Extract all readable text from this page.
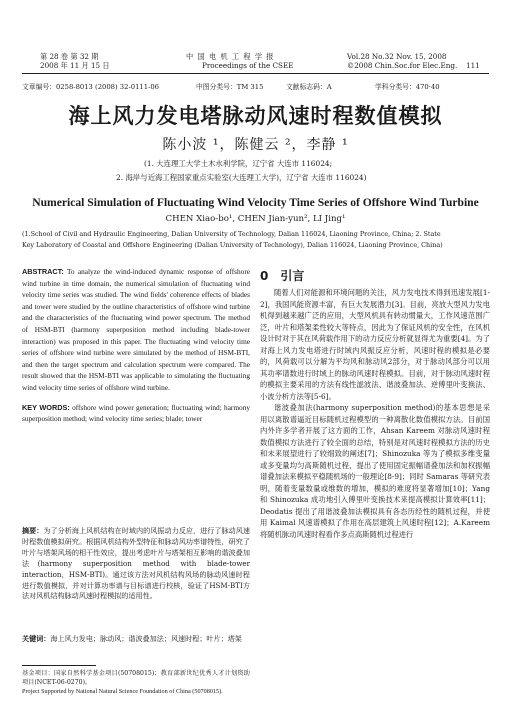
第 28 卷 第 32 期
2008 年 11 月 15 日
中 国 电 机 工 程 学 报
Proceedings of the CSEE
Vol.28 No.32 Nov. 15, 2008
©2008 Chin.Soc.for Elec.Eng. 111
文章编号：0258-8013 (2008) 32-0111-06	中图分类号：TM 315	文献标志码：A	学科分类号：470·40
海上风力发电塔脉动风速时程数值模拟
陈小波 ¹，陈健云 ²，李静 ¹
(1. 大连理工大学土木水利学院，辽宁省 大连市 116024;
2. 海岸与近海工程国家重点实验室(大连理工大学)，辽宁省 大连市 116024)
Numerical Simulation of Fluctuating Wind Velocity Time Series of Offshore Wind Turbine
CHEN Xiao-bo¹, CHEN Jian-yun², LI Jing¹
(1.School of Civil and Hydraulic Engineering, Dalian University of Technology, Dalian 116024, Liaoning Province, China; 2. State
Key Laboratory of Coastal and Offshore Engineering (Dalian University of Technology), Dalian 116024, Liaoning Province, China)

ABSTRACT: To analyze the wind-induced dynamic response of offshore wind turbine in time domain, the numerical simulation of fluctuating wind velocity time series was studied. The wind fields' coherence effects of blades and tower were studied by the outline characteristics of offshore wind turbine and the characteristics of the fluctuating wind power spectrum. The method of HSM-BTI (harmony superposition method including blade-tower interaction) was proposed in this paper. The fluctuating wind velocity time series of offshore wind turbine were simulated by the method of HSM-BTI, and then the target spectrum and calculation spectrum were compared. The result showed that the HSM-BTI was applicable to simulating the fluctuating wind velocity time series of offshore wind turbine.

KEY WORDS: offshore wind power generation; fluctuating wind; harmony superposition method; wind velocity time series; blade; tower

摘要：为了分析海上风机结构在时域内的风振动力反应，进行了脉动风速时程数值模拟研究。根据风机结构外型特征和脉动风功率谱特性，研究了叶片与塔架风场的相干性效应，提出考虑叶片与塔架相互影响的谐波叠加法(harmony superposition method with blade-tower interaction，HSM-BTI)。通过该方法对风机结构风场的脉动风速时程进行数值模拟，并对计算功率谱与目标谱进行校核，验证了HSM-BTI方法对风机结构脉动风速时程模拟的适用性。

关键词：海上风力发电；脉动风；谐波叠加法；风速时程；叶片；塔架

基金项目：国家自然科学基金项目(50708015)；教育部新世纪优秀人才计划资助项目(NCET-06-0270)。

Project Supported by National Natural Science Foundation of China (50708015).

0　引言

随着人们对能源和环境问题的关注，风力发电技术得到迅速发展[1-2]，我国风能资源丰富，有巨大发展潜力[3]。目前，亮放大型风力发电机得到越来越广泛的应用，大型风机具有转动惯量大，工作风速范围广泛，叶片和塔架柔性较大等特点，因此为了保证风机的安全性，在风机设计时对于其在风荷载作用下的动力反应分析就显得尤为重要[4]。为了对海上风力发电塔进行时域内风振反应分析，风速时程的模拟是必要的，风荷载可以分解为平均风和脉动风2部分，对于脉动风部分可以用其功率谱数进行时域上的脉动风速时程模拟。目前，对于脉动风速时程的模拟主要采用的方法有线性滤波法、谐波叠加法、逆傅里叶变换法、小波分析方法等[5-6]。

谐波叠加法(harmony superposition method)的基本思想是采用以离散谱逼近目标随机过程模型的一种离散化数值模拟方法。目前国内外许多学者开展了这方面的工作，Ahsan Kareem 对脉动风速时程数值模拟方法进行了较全面的总结，特别是对风速时程模拟方法的历史和未来展望进行了较细致的阐述[7]；Shinozuka 等为了模拟多维变量或多变量均匀高斯随机过程，提出了使用固定振幅谱叠加法和加权振幅谱叠加法来模拟平稳随机场的一般理论[8-9]；同时 Samaras 等研究表明，随着变量数量或维数的增加，模拟的难度将显著增加[10]；Yang 和 Shinozuka 成功地引入傅里叶变换技术来提高模拟计算效率[11]；Deodatis 提出了用谐波叠加法模拟具有各态历经性的随机过程，并使用 Kaimal 风速谱模拟了作用在高层建筑上风速时程[12]；A.Kareem 将随机脉动风速时程看作多点高斯随机过程进行
